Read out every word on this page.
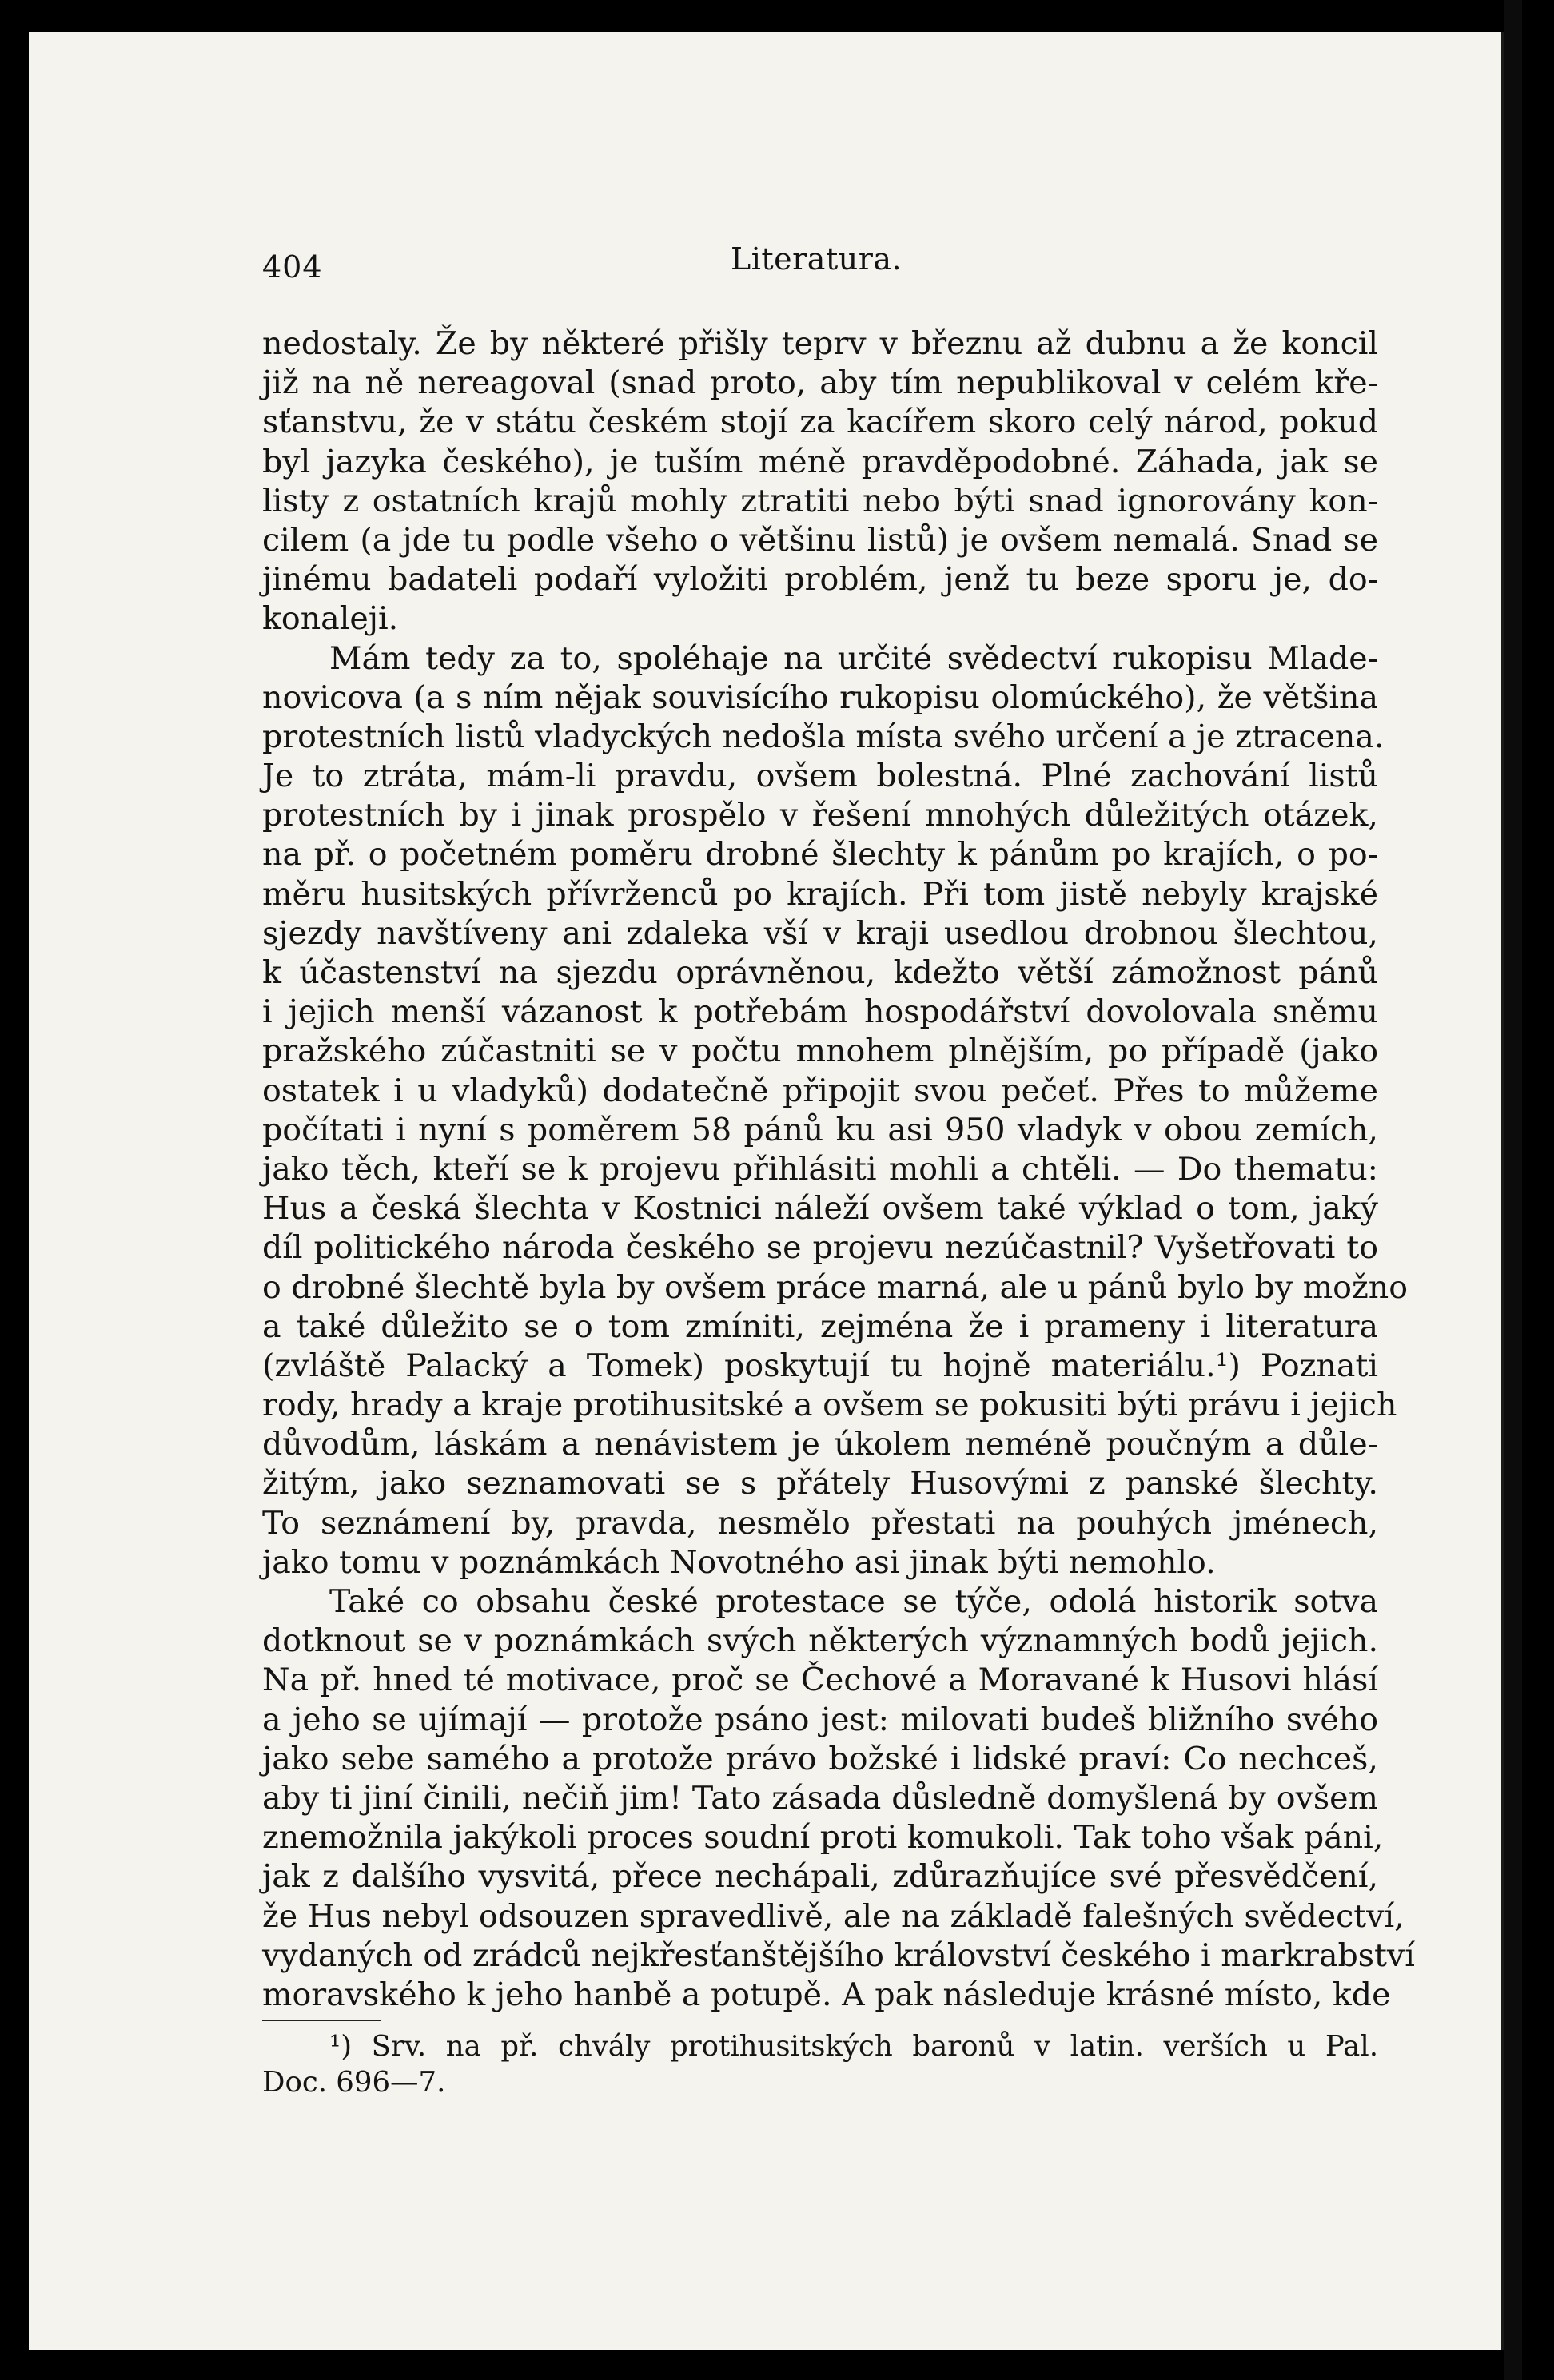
404	Literatura.
nedostaly. Že by některé přišly teprv v březnu až dubnu a že koncil
již na ně nereagoval (snad proto, aby tím nepublikoval v celém kře-
sťanstvu, že v státu českém stojí za kacířem skoro celý národ, pokud
byl jazyka českého), je tuším méně pravděpodobné. Záhada, jak se
listy z ostatních krajů mohly ztratiti nebo býti snad ignorovány kon-
cilem (a jde tu podle všeho o většinu listů) je ovšem nemalá. Snad se
jinému badateli podaří vyložiti problém, jenž tu beze sporu je, do-
konaleji.
Mám tedy za to, spoléhaje na určité svědectví rukopisu Mlade-
novicova (a s ním nějak souvisícího rukopisu olomúckého), že většina
protestních listů vladyckých nedošla místa svého určení a je ztracena.
Je to ztráta, mám-li pravdu, ovšem bolestná. Plné zachování listů
protestních by i jinak prospělo v řešení mnohých důležitých otázek,
na př. o početném poměru drobné šlechty k pánům po krajích, o po-
měru husitských přívrženců po krajích. Při tom jistě nebyly krajské
sjezdy navštíveny ani zdaleka vší v kraji usedlou drobnou šlechtou,
k účastenství na sjezdu oprávněnou, kdežto větší zámožnost pánů
i jejich menší vázanost k potřebám hospodářství dovolovala sněmu
pražského zúčastniti se v počtu mnohem plnějším, po případě (jako
ostatek i u vladyků) dodatečně připojit svou pečeť. Přes to můžeme
počítati i nyní s poměrem 58 pánů ku asi 950 vladyk v obou zemích,
jako těch, kteří se k projevu přihlásiti mohli a chtěli. — Do thematu:
Hus a česká šlechta v Kostnici náleží ovšem také výklad o tom, jaký
díl politického národa českého se projevu nezúčastnil? Vyšetřovati to
o drobné šlechtě byla by ovšem práce marná, ale u pánů bylo by možno
a také důležito se o tom zmíniti, zejména že i prameny i literatura
(zvláště Palacký a Tomek) poskytují tu hojně materiálu.¹) Poznati
rody, hrady a kraje protihusitské a ovšem se pokusiti býti právu i jejich
důvodům, láskám a nenávistem je úkolem neméně poučným a důle-
žitým, jako seznamovati se s přátely Husovými z panské šlechty.
To seznámení by, pravda, nesmělo přestati na pouhých jménech,
jako tomu v poznámkách Novotného asi jinak býti nemohlo.
Také co obsahu české protestace se týče, odolá historik sotva
dotknout se v poznámkách svých některých významných bodů jejich.
Na př. hned té motivace, proč se Čechové a Moravané k Husovi hlásí
a jeho se ujímají — protože psáno jest: milovati budeš bližního svého
jako sebe samého a protože právo božské i lidské praví: Co nechceš,
aby ti jiní činili, nečiň jim! Tato zásada důsledně domyšlená by ovšem
znemožnila jakýkoli proces soudní proti komukoli. Tak toho však páni,
jak z dalšího vysvitá, přece nechápali, zdůrazňujíce své přesvědčení,
že Hus nebyl odsouzen spravedlivě, ale na základě falešných svědectví,
vydaných od zrádců nejkřesťanštějšího království českého i markrabství
moravského k jeho hanbě a potupě. A pak následuje krásné místo, kde
¹) Srv. na př. chvály protihusitských baronů v latin. verších u Pal.
Doc. 696—7.
